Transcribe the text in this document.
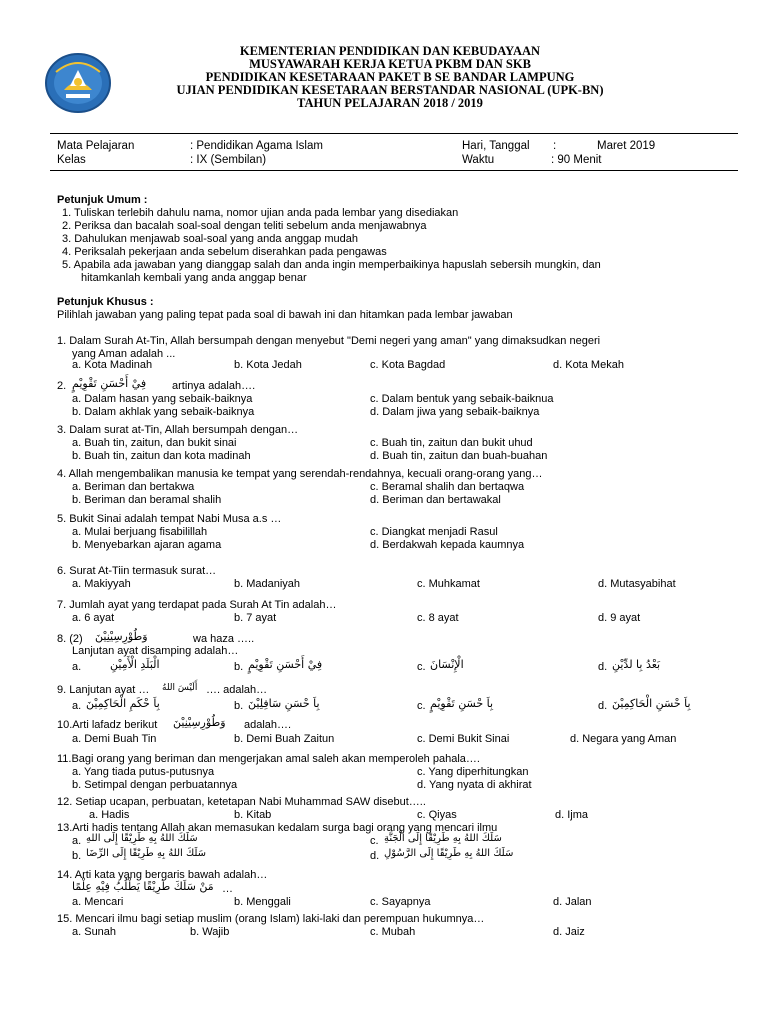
KEMENTERIAN PENDIDIKAN DAN KEBUDAYAAN
MUSYAWARAH KERJA KETUA PKBM DAN SKB
PENDIDIKAN KESETARAAN PAKET B SE BANDAR LAMPUNG
UJIAN PENDIDIKAN KESETARAAN BERSTANDAR NASIONAL (UPK-BN)
TAHUN PELAJARAN 2018 / 2019
Mata Pelajaran	: Pendidikan Agama Islam
Kelas	: IX (Sembilan)
Hari, Tanggal :	Maret 2019
Waktu	: 90 Menit
Petunjuk Umum :
1. Tuliskan terlebih dahulu nama, nomor ujian anda pada lembar yang disediakan
2. Periksa dan bacalah soal-soal dengan teliti sebelum anda menjawabnya
3. Dahulukan menjawab soal-soal yang anda anggap mudah
4. Periksalah pekerjaan anda sebelum diserahkan pada pengawas
5. Apabila ada jawaban yang dianggap salah dan anda ingin memperbaikinya hapuslah sebersih mungkin, dan
hitamkanlah kembali yang anda anggap benar
Petunjuk Khusus :
Pilihlah jawaban yang paling tepat pada soal di bawah ini dan hitamkan pada lembar jawaban
1. Dalam Surah At-Tin, Allah bersumpah dengan menyebut "Demi negeri yang aman" yang dimaksudkan negeri
yang Aman adalah ...
a. Kota Madinah	b. Kota Jedah	c. Kota Bagdad	d. Kota Mekah
2. فِيْ أَحْسَنِ تَقْوِيْمٍ artinya adalah….
a. Dalam hasan yang sebaik-baiknya	c. Dalam bentuk yang sebaik-baiknua
b. Dalam akhlak yang sebaik-baiknya	d. Dalam jiwa yang sebaik-baiknya
3. Dalam surat at-Tin, Allah bersumpah dengan…
a. Buah tin, zaitun, dan bukit sinai	c. Buah tin, zaitun dan bukit uhud
b. Buah tin, zaitun dan kota madinah	d. Buah tin, zaitun dan buah-buahan
4. Allah mengembalikan manusia ke tempat yang serendah-rendahnya, kecuali orang-orang yang…
a. Beriman dan bertakwa	c. Beramal shalih dan bertaqwa
b. Beriman dan beramal shalih	d. Beriman dan bertawakal
5. Bukit Sinai adalah tempat Nabi Musa a.s …
a. Mulai berjuang fisabilillah	c. Diangkat menjadi Rasul
b. Menyebarkan ajaran agama	d. Berdakwah kepada kaumnya
6. Surat At-Tiin termasuk surat…
a. Makiyyah	b. Madaniyah	c. Muhkamat	d. Mutasyabihat
7. Jumlah ayat yang terdapat pada Surah At Tin adalah…
a. 6 ayat	b. 7 ayat	c. 8 ayat	d. 9 ayat
8. (2) وَطُوْرِسِيْنِيْنَ	wa haza …..
Lanjutan ayat disamping adalah…
a.	الْبَلَدِ الْأَمِيْنِ	b. فِيْ أَحْسَنِ تَقْوِيْمٍ	c. الْإِنْسَانَ	d. بَعْدُ بِا لدِّيْنِ
9. Lanjutan ayat … أَلَيْسَ اللهُ …. adalah…
a. بِاَ حْكَمِ الْحَاكِمِيْنَ	b. بِاَ حْسَنِ سَافِلِيْنَ	c. بِاَ حْسَنِ تَقْوِيْمٍ	d. بِاَ حْسَنِ الْحَاكِمِيْنَ
10.Arti lafadz berikut وَطُوْرِسِيْنِيْنَ adalah….
a. Demi Buah Tin	b. Demi Buah Zaitun	c. Demi Bukit Sinai	d. Negara yang Aman
11.Bagi orang yang beriman dan mengerjakan amal saleh akan memperoleh pahala….
a. Yang tiada putus-putusnya	c. Yang diperhitungkan
b. Setimpal dengan perbuatannya	d. Yang nyata di akhirat
12. Setiap ucapan, perbuatan, ketetapan Nabi Muhammad SAW disebut…..
a. Hadis	b. Kitab	c. Qiyas	d. Ijma
13.Arti hadis tentang Allah akan memasukan kedalam surga bagi orang yang mencari ilmu
a. سَلَكَ اللهُ بِهِ طَرِيْقًا إِلَى اللهِ	c. سَلَكَ اللهُ بِهِ طَرِيْقًا إِلَى الْجَنَّةِ
b. سَلَكَ اللهُ بِهِ طَرِيْقًا إِلَى الرِّضَا	d. سَلَكَ اللهُ بِهِ طَرِيْقًا إِلَى الرَّسُوْلِ
14. Arti kata yang bergaris bawah adalah…
مَنْ سَلَكَ طَرِيْقًا يَطْلُبُ فِيْهِ عِلْمًا …
a. Mencari	b. Menggali	c. Sayapnya	d. Jalan
15. Mencari ilmu bagi setiap muslim (orang Islam) laki-laki dan perempuan hukumnya…
a. Sunah	b. Wajib	c. Mubah	d. Jaiz
